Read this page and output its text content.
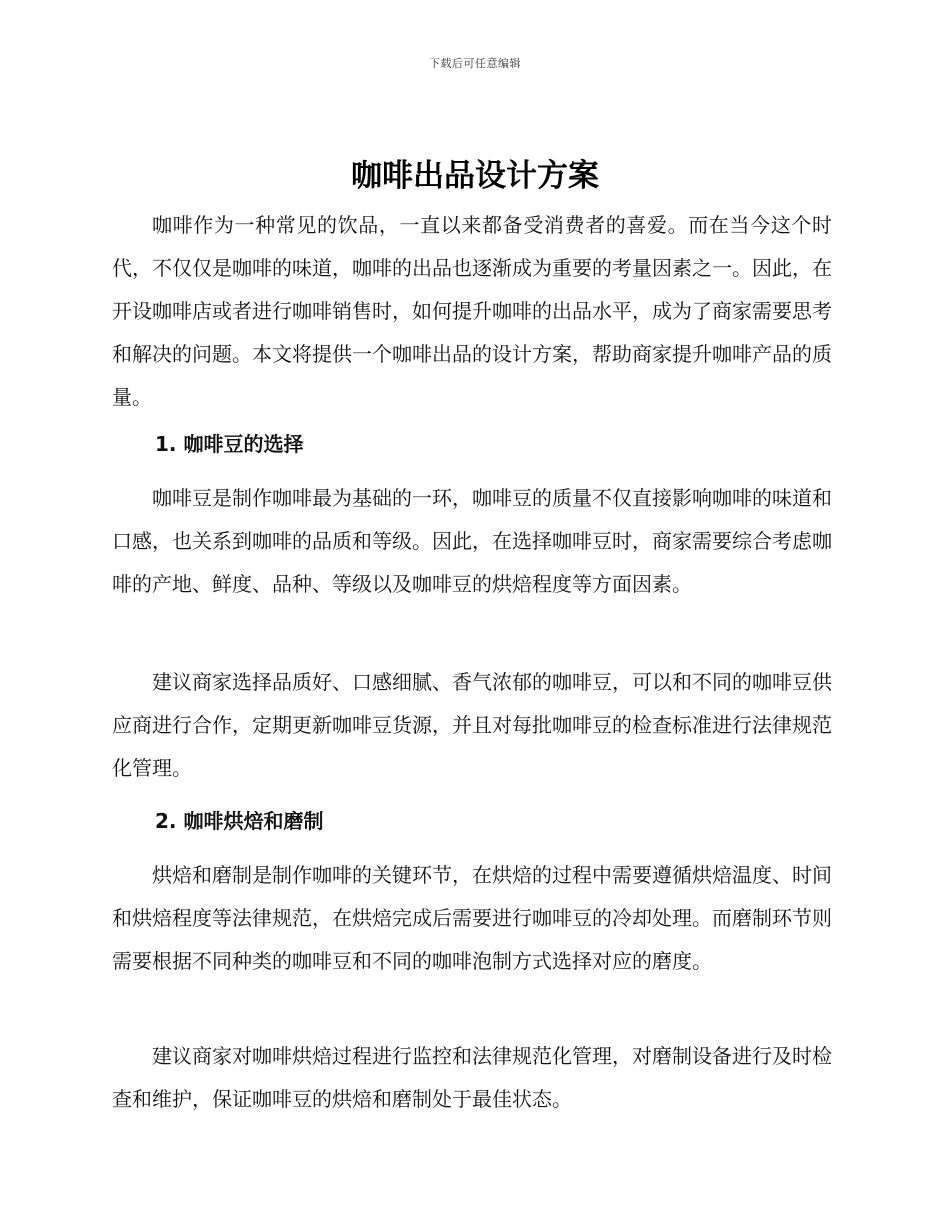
下载后可任意编辑
咖啡出品设计方案

咖啡作为一种常见的饮品，一直以来都备受消费者的喜爱。而在当今这个时代，不仅仅是咖啡的味道，咖啡的出品也逐渐成为重要的考量因素之一。因此，在开设咖啡店或者进行咖啡销售时，如何提升咖啡的出品水平，成为了商家需要思考和解决的问题。本文将提供一个咖啡出品的设计方案，帮助商家提升咖啡产品的质量。

1. 咖啡豆的选择

咖啡豆是制作咖啡最为基础的一环，咖啡豆的质量不仅直接影响咖啡的味道和口感，也关系到咖啡的品质和等级。因此，在选择咖啡豆时，商家需要综合考虑咖啡的产地、鲜度、品种、等级以及咖啡豆的烘焙程度等方面因素。

建议商家选择品质好、口感细腻、香气浓郁的咖啡豆，可以和不同的咖啡豆供应商进行合作，定期更新咖啡豆货源，并且对每批咖啡豆的检查标准进行法律规范化管理。

2. 咖啡烘焙和磨制

烘焙和磨制是制作咖啡的关键环节，在烘焙的过程中需要遵循烘焙温度、时间和烘焙程度等法律规范，在烘焙完成后需要进行咖啡豆的冷却处理。而磨制环节则需要根据不同种类的咖啡豆和不同的咖啡泡制方式选择对应的磨度。

建议商家对咖啡烘焙过程进行监控和法律规范化管理，对磨制设备进行及时检查和维护，保证咖啡豆的烘焙和磨制处于最佳状态。
